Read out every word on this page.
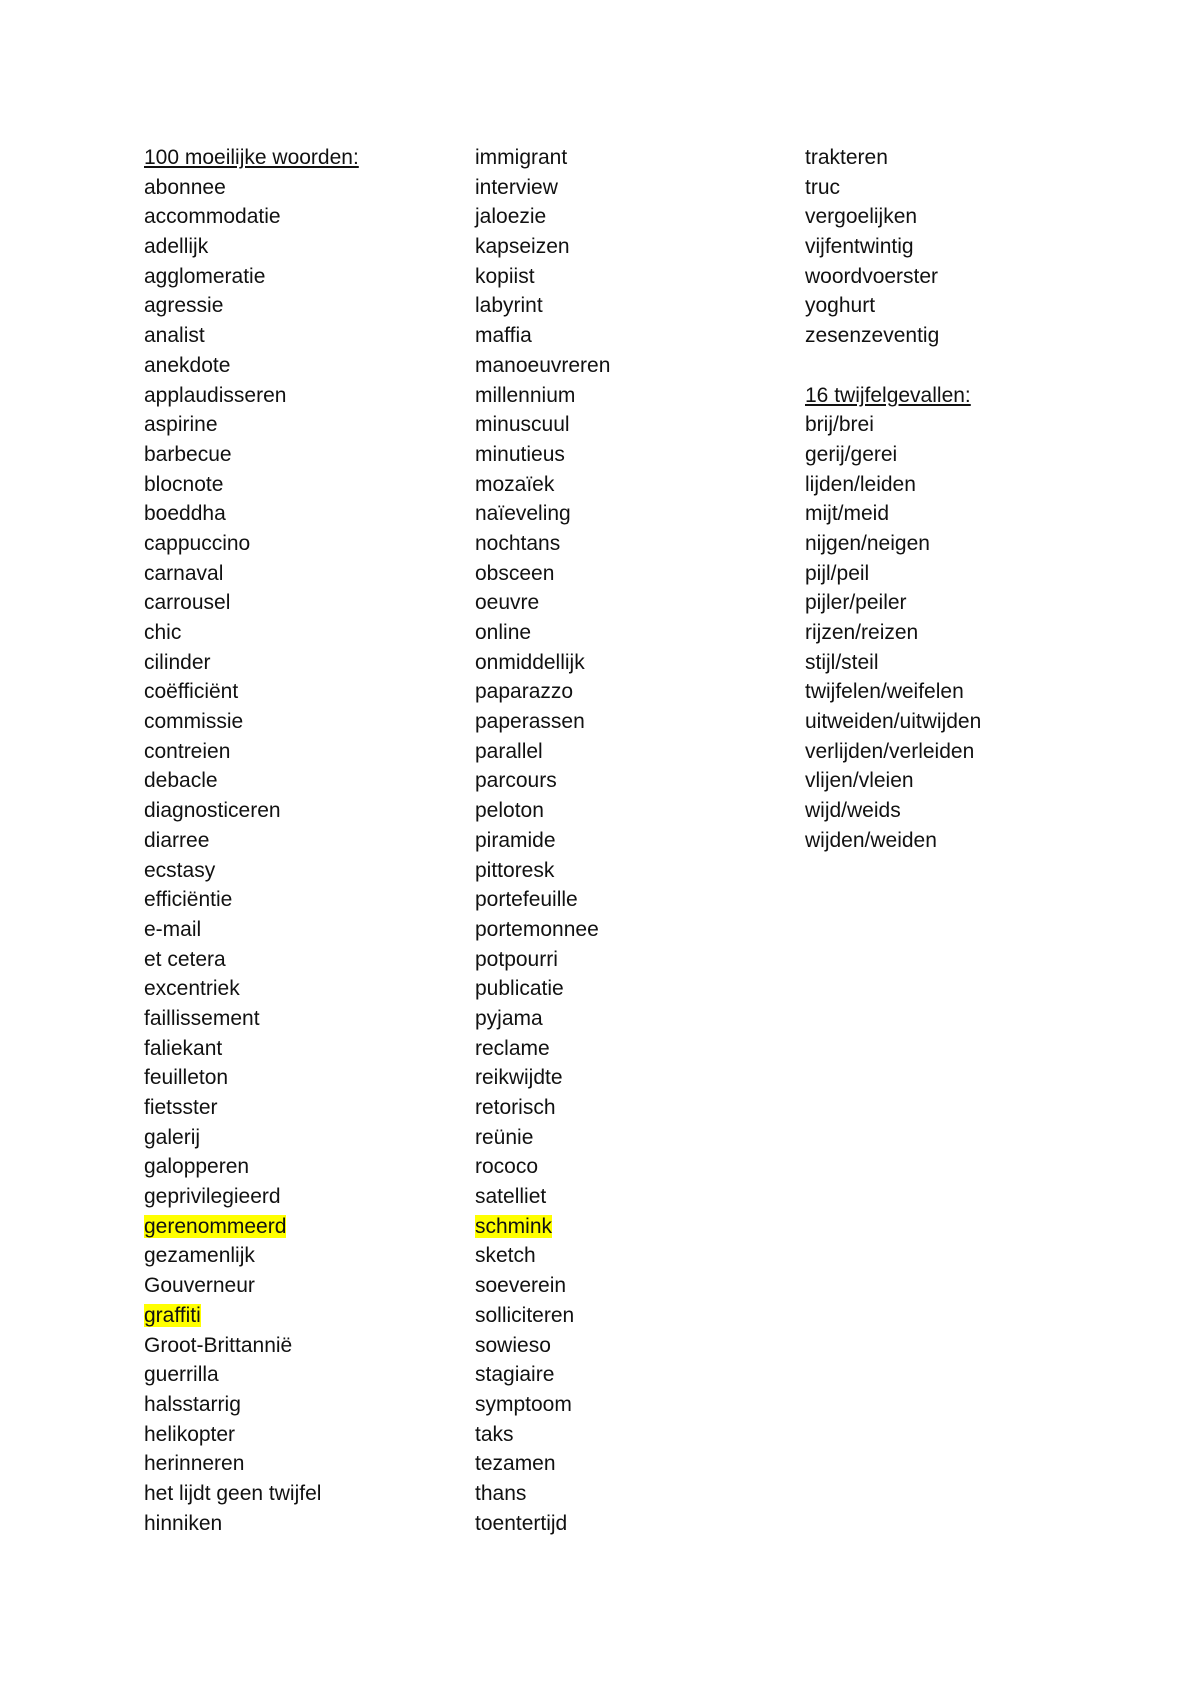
100 moeilijke woorden:
abonnee
accommodatie
adellijk
agglomeratie
agressie
analist
anekdote
applaudisseren
aspirine
barbecue
blocnote
boeddha
cappuccino
carnaval
carrousel
chic
cilinder
coëfficiënt
commissie
contreien
debacle
diagnosticeren
diarree
ecstasy
efficiëntie
e-mail
et cetera
excentriek
faillissement
faliekant
feuilleton
fietsster
galerij
galopperen
geprivilegieerd
gerenommeerd
gezamenlijk
Gouverneur
graffiti
Groot-Brittannië
guerrilla
halsstarrig
helikopter
herinneren
het lijdt geen twijfel
hinniken
immigrant
interview
jaloezie
kapseizen
kopiist
labyrint
maffia
manoeuvreren
millennium
minuscuul
minutieus
mozaïek
naïeveling
nochtans
obsceen
oeuvre
online
onmiddellijk
paparazzo
paperassen
parallel
parcours
peloton
piramide
pittoresk
portefeuille
portemonnee
potpourri
publicatie
pyjama
reclame
reikwijdte
retorisch
reünie
rococo
satelliet
schmink
sketch
soeverein
solliciteren
sowieso
stagiaire
symptoom
taks
tezamen
thans
toentertijd
trakteren
truc
vergoelijken
vijfentwintig
woordvoerster
yoghurt
zesenzeventig
16 twijfelgevallen:
brij/brei
gerij/gerei
lijden/leiden
mijt/meid
nijgen/neigen
pijl/peil
pijler/peiler
rijzen/reizen
stijl/steil
twijfelen/weifelen
uitweiden/uitwijden
verlijden/verleiden
vlijen/vleien
wijd/weids
wijden/weiden
